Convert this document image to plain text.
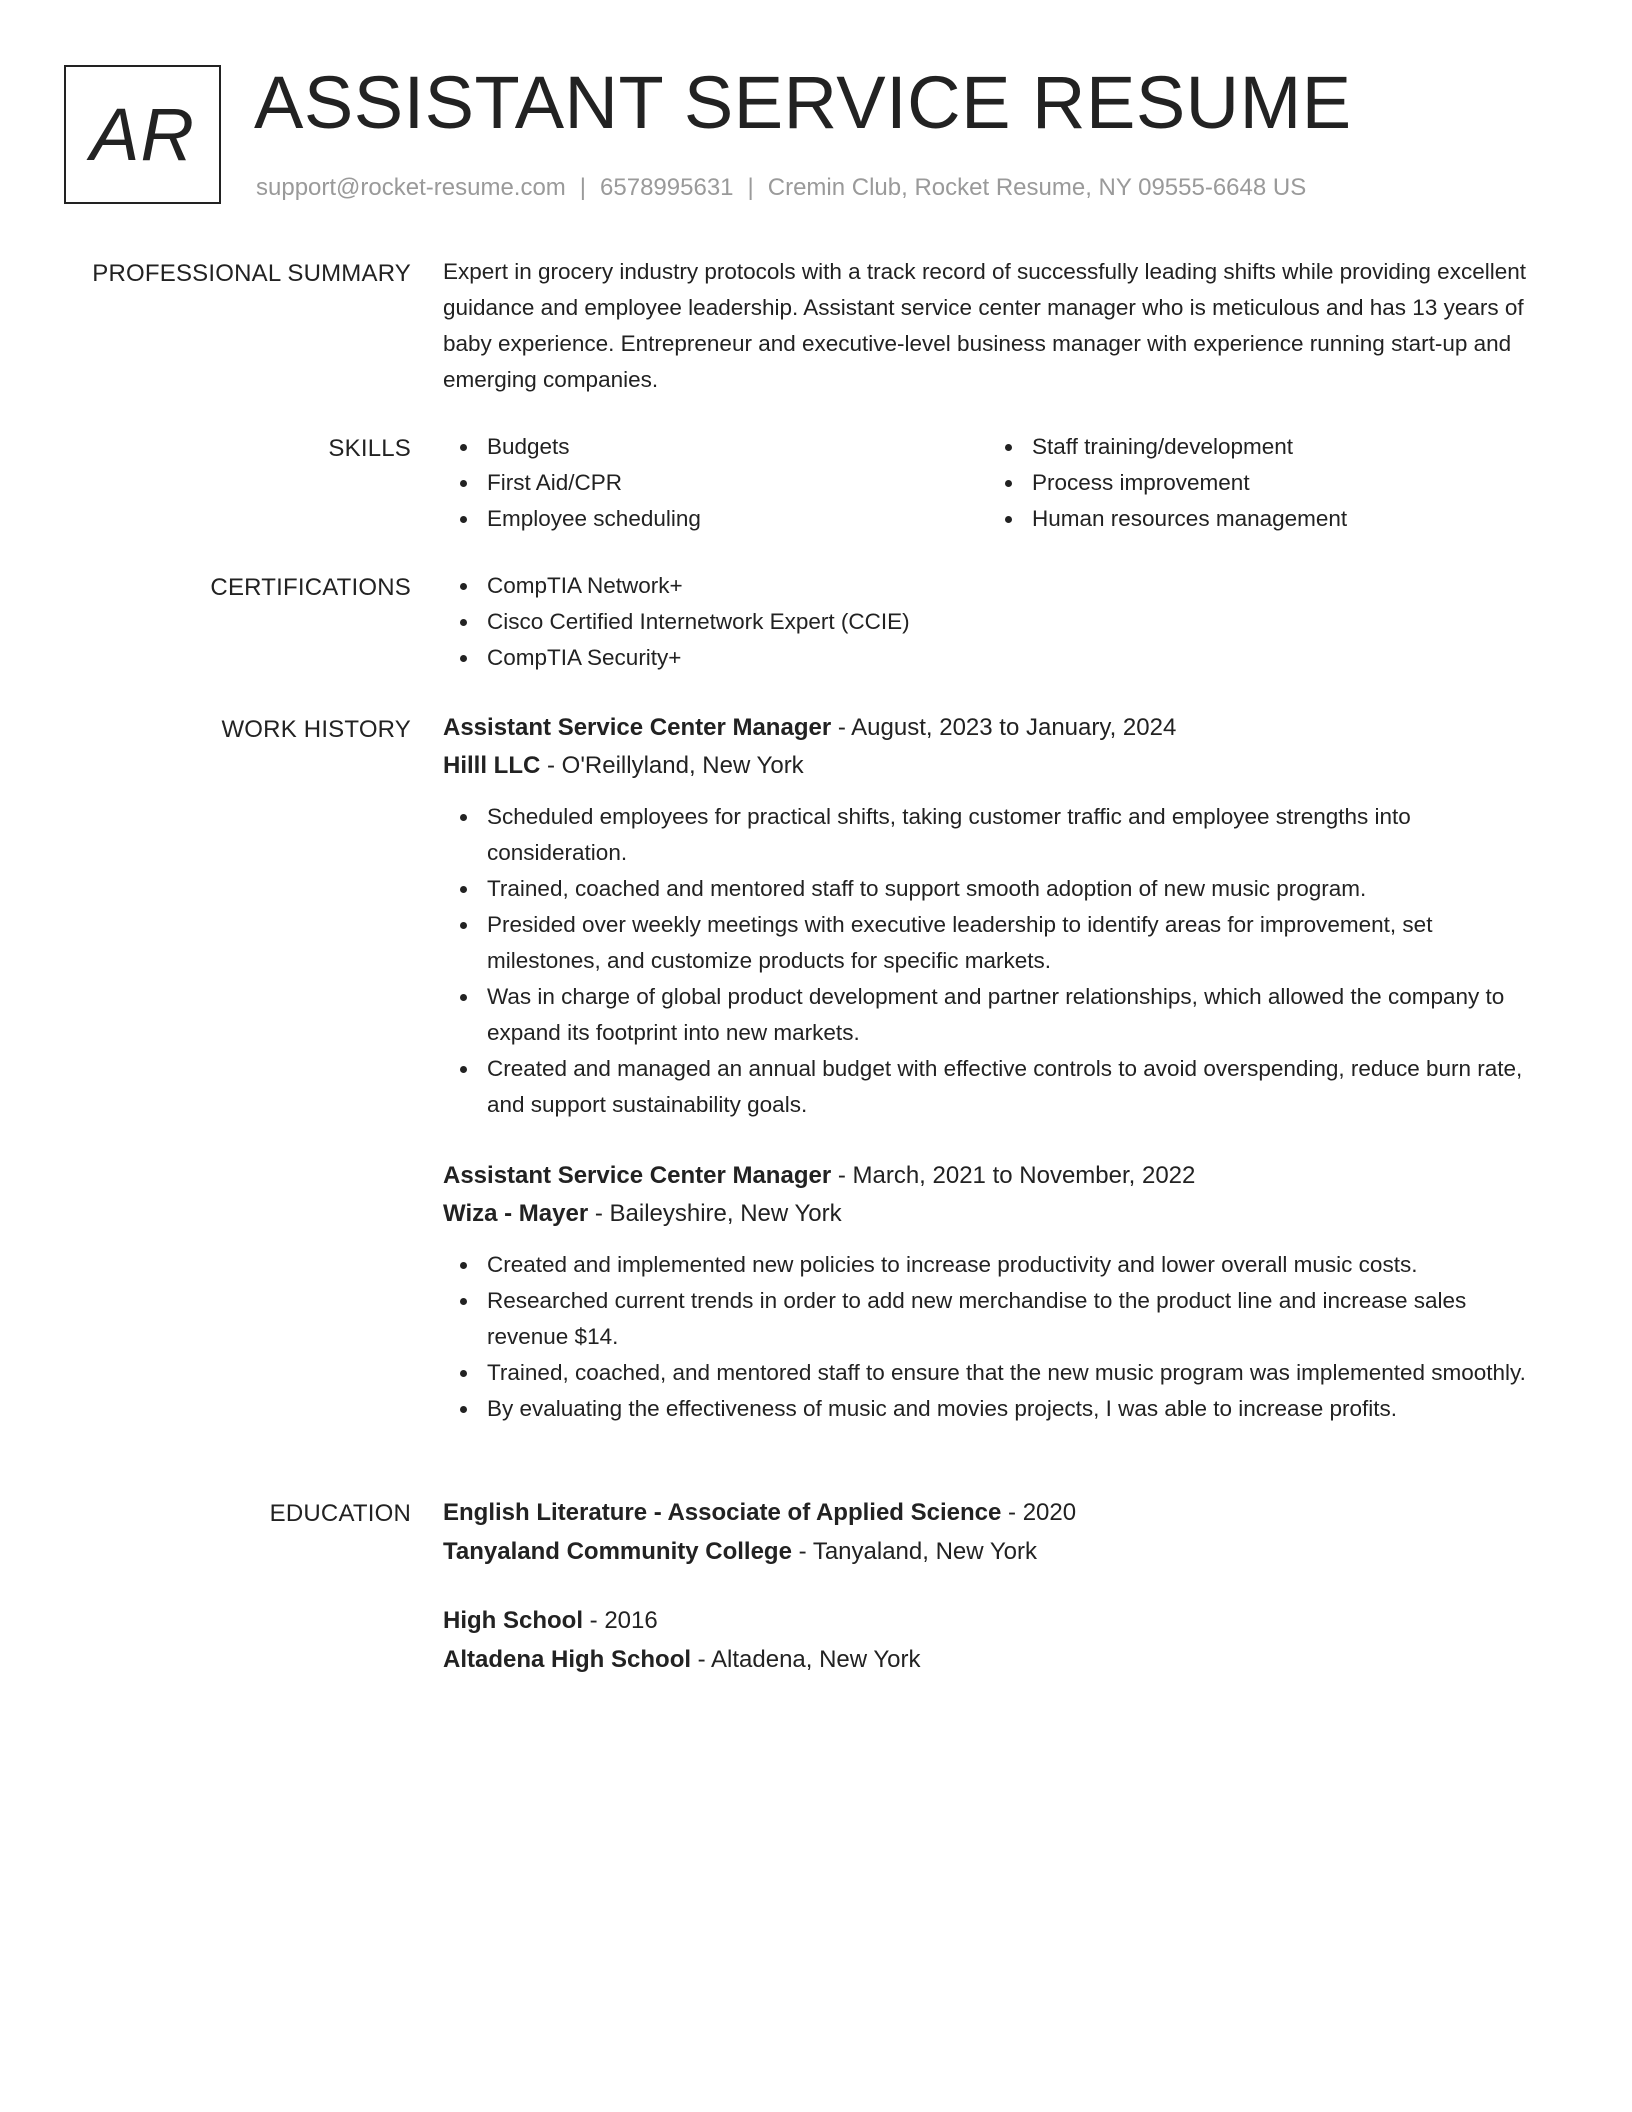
AR ASSISTANT SERVICE RESUME
support@rocket-resume.com | 6578995631 | Cremin Club, Rocket Resume, NY 09555-6648 US
PROFESSIONAL SUMMARY Expert in grocery industry protocols with a track record of successfully leading shifts while providing excellent guidance and employee leadership. Assistant service center manager who is meticulous and has 13 years of baby experience. Entrepreneur and executive-level business manager with experience running start-up and emerging companies.

SKILLS	Budgets
First Aid/CPR
Employee scheduling
Staff training/development
Process improvement
Human resources management
CERTIFICATIONS	CompTIA Network+
Cisco Certified Internetwork Expert (CCIE)
CompTIA Security+
WORK HISTORY Assistant Service Center Manager - August, 2023 to January, 2024
Hilll LLC - O'Reillyland, New York
Scheduled employees for practical shifts, taking customer traffic and employee strengths into consideration.
Trained, coached and mentored staff to support smooth adoption of new music program.
Presided over weekly meetings with executive leadership to identify areas for improvement, set milestones, and customize products for specific markets.
Was in charge of global product development and partner relationships, which allowed the company to expand its footprint into new markets.
Created and managed an annual budget with effective controls to avoid overspending, reduce burn rate, and support sustainability goals.
Assistant Service Center Manager - March, 2021 to November, 2022
Wiza - Mayer - Baileyshire, New York
Created and implemented new policies to increase productivity and lower overall music costs.
Researched current trends in order to add new merchandise to the product line and increase sales revenue $14.
Trained, coached, and mentored staff to ensure that the new music program was implemented smoothly.
By evaluating the effectiveness of music and movies projects, I was able to increase profits.
EDUCATION English Literature - Associate of Applied Science - 2020
Tanyaland Community College - Tanyaland, New York
High School - 2016
Altadena High School - Altadena, New York
